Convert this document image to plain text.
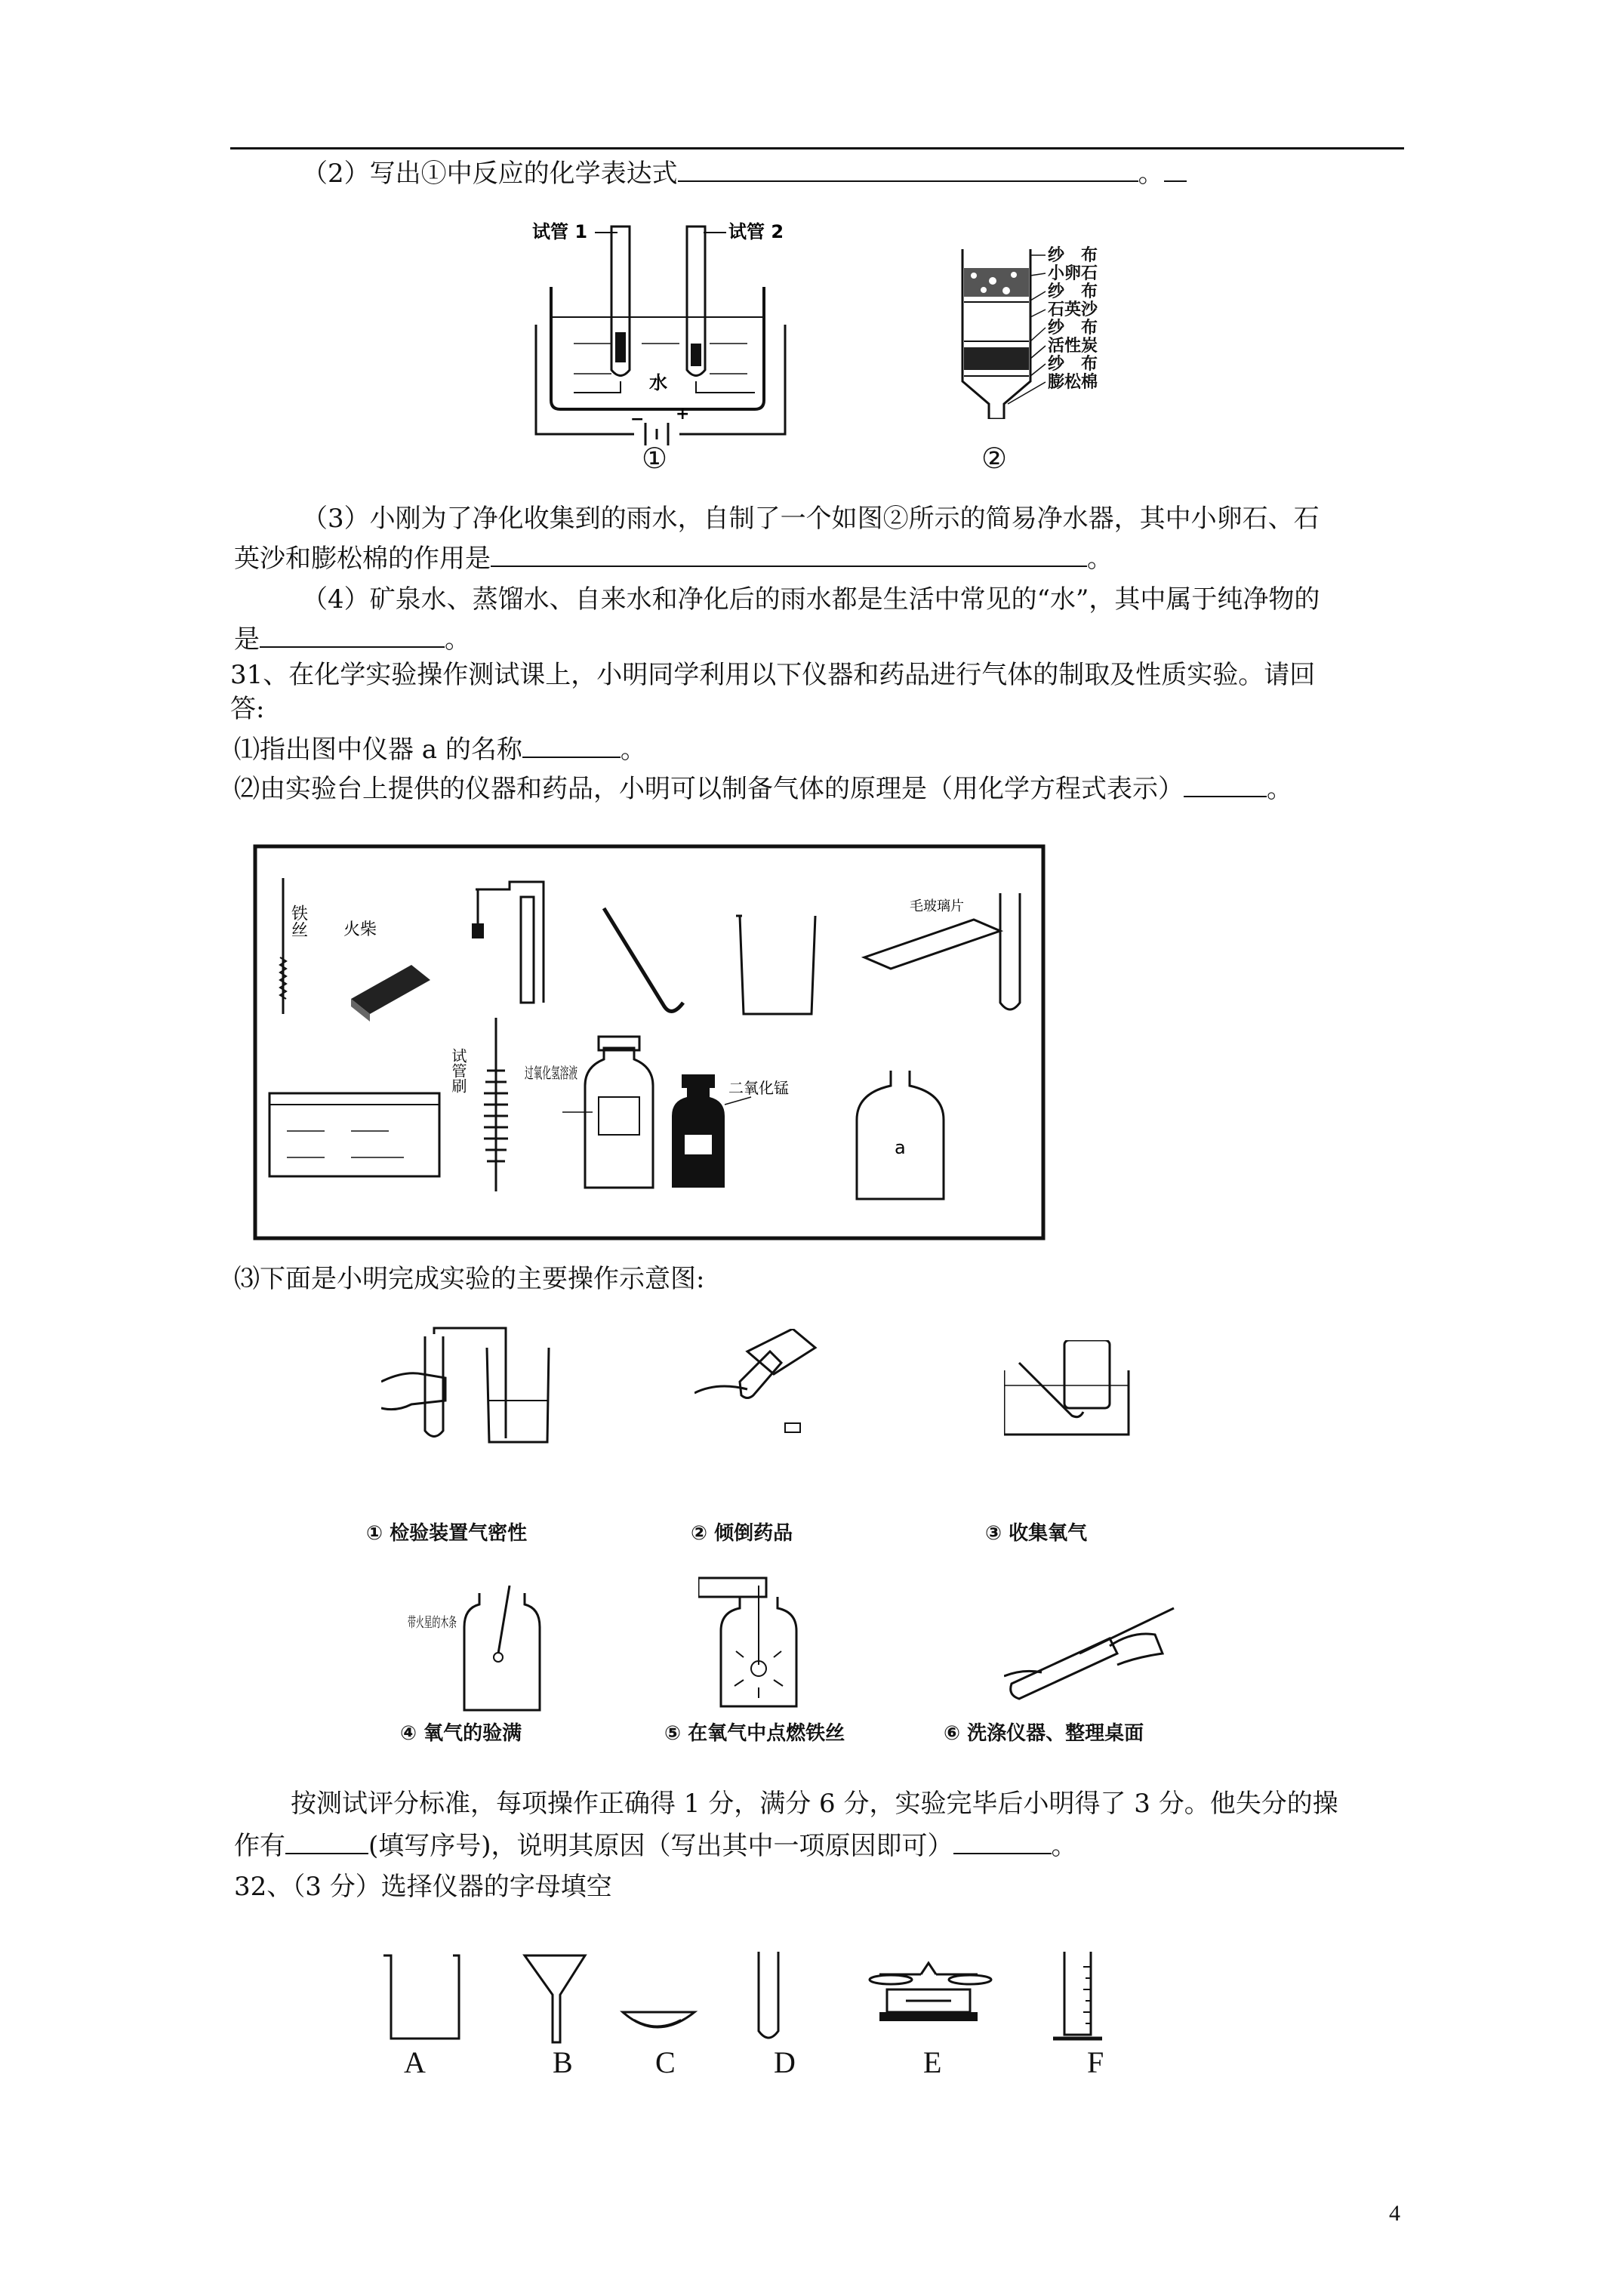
（2）写出①中反应的化学表达式	。
试管 1	试管 2
水
− +
①
纱　布
小卵石
纱　布
石英沙
纱　布
活性炭
纱　布
膨松棉
②
（3）小刚为了净化收集到的雨水，自制了一个如图②所示的简易净水器，其中小卵石、石
英沙和膨松棉的作用是	。
（4）矿泉水、蒸馏水、自来水和净化后的雨水都是生活中常见的“水”，其中属于纯净物的
是	。
31、在化学实验操作测试课上，小明同学利用以下仪器和药品进行气体的制取及性质实验。请回
答:
⑴指出图中仪器 a 的名称	。
⑵由实验台上提供的仪器和药品，小明可以制备气体的原理是（用化学方程式表示）	。
铁丝 火柴
毛玻璃片
试管刷	过氧化氢溶液
二氧化锰
a
⑶下面是小明完成实验的主要操作示意图:
① 检验装置气密性	② 倾倒药品	③ 收集氧气
带火星的木条
④ 氧气的验满	⑤ 在氧气中点燃铁丝	⑥ 洗涤仪器、整理桌面
按测试评分标准，每项操作正确得 1 分，满分 6 分，实验完毕后小明得了 3 分。他失分的操
作有	(填写序号)，说明其原因（写出其中一项原因即可）	。
32、（3 分）选择仪器的字母填空
A	B	C	D	E	F
4
